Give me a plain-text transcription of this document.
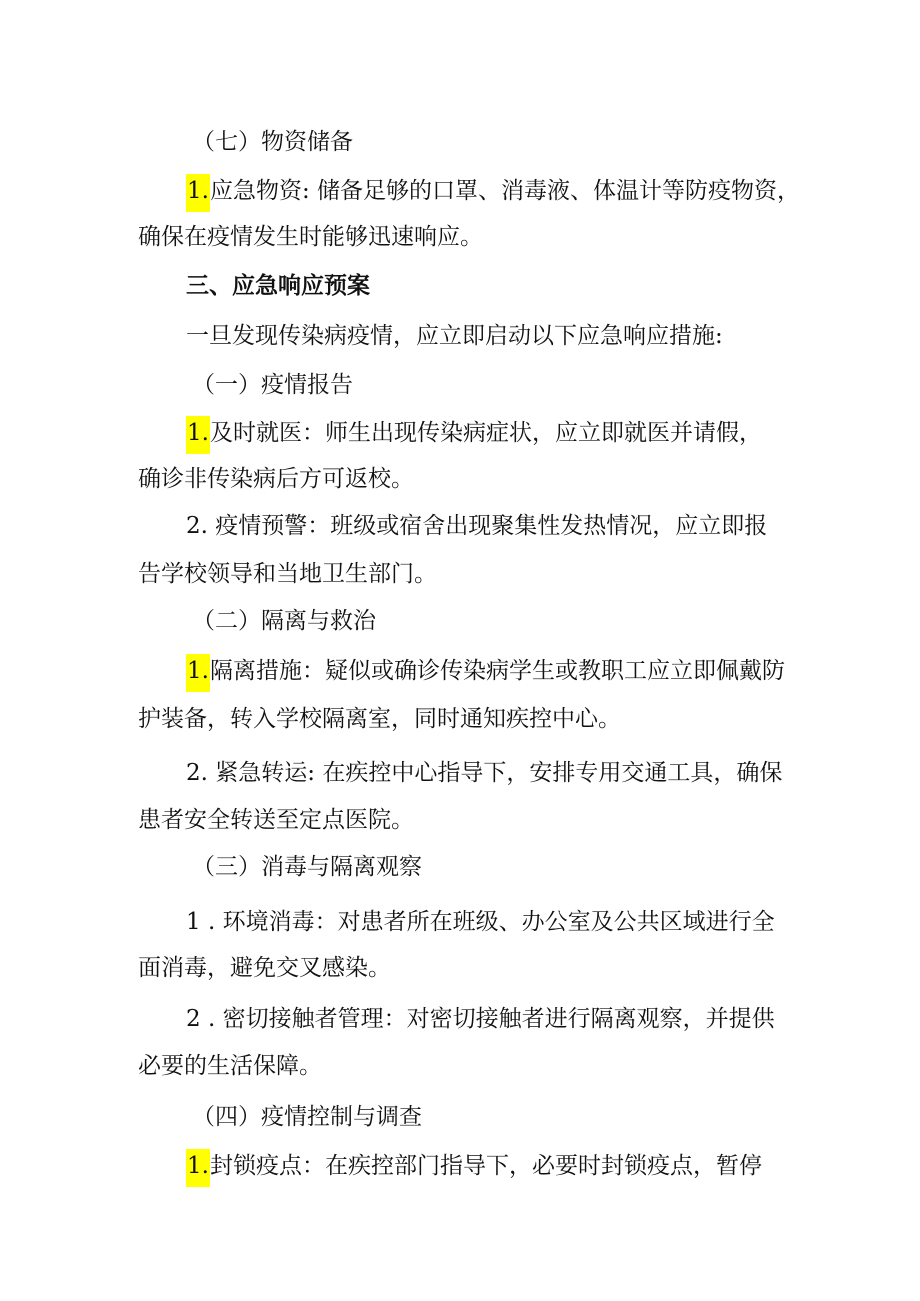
（七）物资储备
1.应急物资: 储备足够的口罩、消毒液、体温计等防疫物资，
确保在疫情发生时能够迅速响应。
三、应急响应预案
一旦发现传染病疫情，应立即启动以下应急响应措施:
（一）疫情报告
1.及时就医：师生出现传染病症状，应立即就医并请假，
确诊非传染病后方可返校。
2. 疫情预警：班级或宿舍出现聚集性发热情况，应立即报
告学校领导和当地卫生部门。
（二）隔离与救治
1.隔离措施：疑似或确诊传染病学生或教职工应立即佩戴防
护装备，转入学校隔离室，同时通知疾控中心。
2. 紧急转运: 在疾控中心指导下，安排专用交通工具，确保
患者安全转送至定点医院。
（三）消毒与隔离观察
1 . 环境消毒：对患者所在班级、办公室及公共区域进行全
面消毒，避免交叉感染。
2 . 密切接触者管理：对密切接触者进行隔离观察，并提供
必要的生活保障。
（四）疫情控制与调查
1.封锁疫点：在疾控部门指导下，必要时封锁疫点，暂停
